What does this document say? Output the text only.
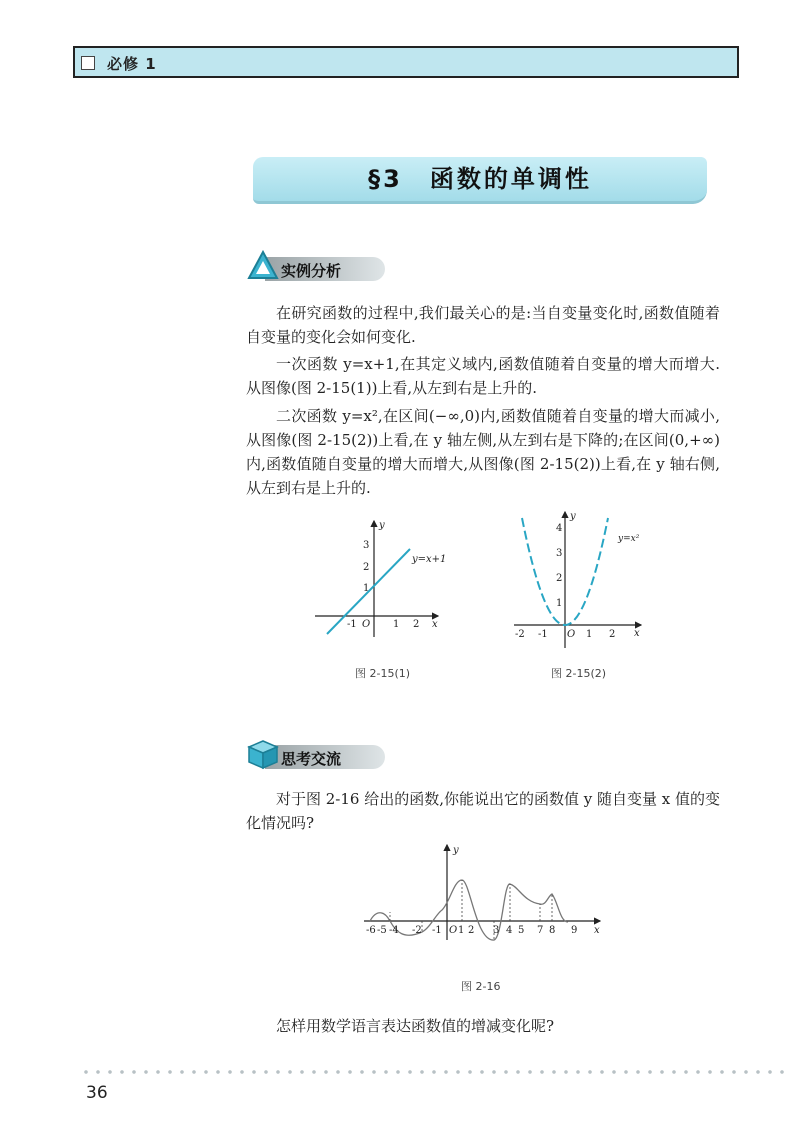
必修 1
§3　函数的单调性
实例分析

在研究函数的过程中,我们最关心的是:当自变量变化时,函数值随着自变量的变化会如何变化.

一次函数 y=x+1,在其定义域内,函数值随着自变量的增大而增大. 从图像(图 2-15(1))上看,从左到右是上升的.

二次函数 y=x²,在区间(−∞,0)内,函数值随着自变量的增大而减小,从图像(图 2-15(2))上看,在 y 轴左侧,从左到右是下降的;在区间(0,+∞)内,函数值随自变量的增大而增大,从图像(图 2-15(2))上看,在 y 轴右侧,从左到右是上升的.

y
x
O
-1	1 2
1
2
3
y=x+1
图 2-15(1)
y
x
O
-2 -1	1 2
1
2
3
4
y=x²
图 2-15(2)
思考交流

对于图 2-16 给出的函数,你能说出它的函数值 y 随自变量 x 值的变化情况吗?

y
x
-6 -5 -4 -2 -1 O 1 2 3 4 5 7 8 9
图 2-16

怎样用数学语言表达函数值的增减变化呢?

36
